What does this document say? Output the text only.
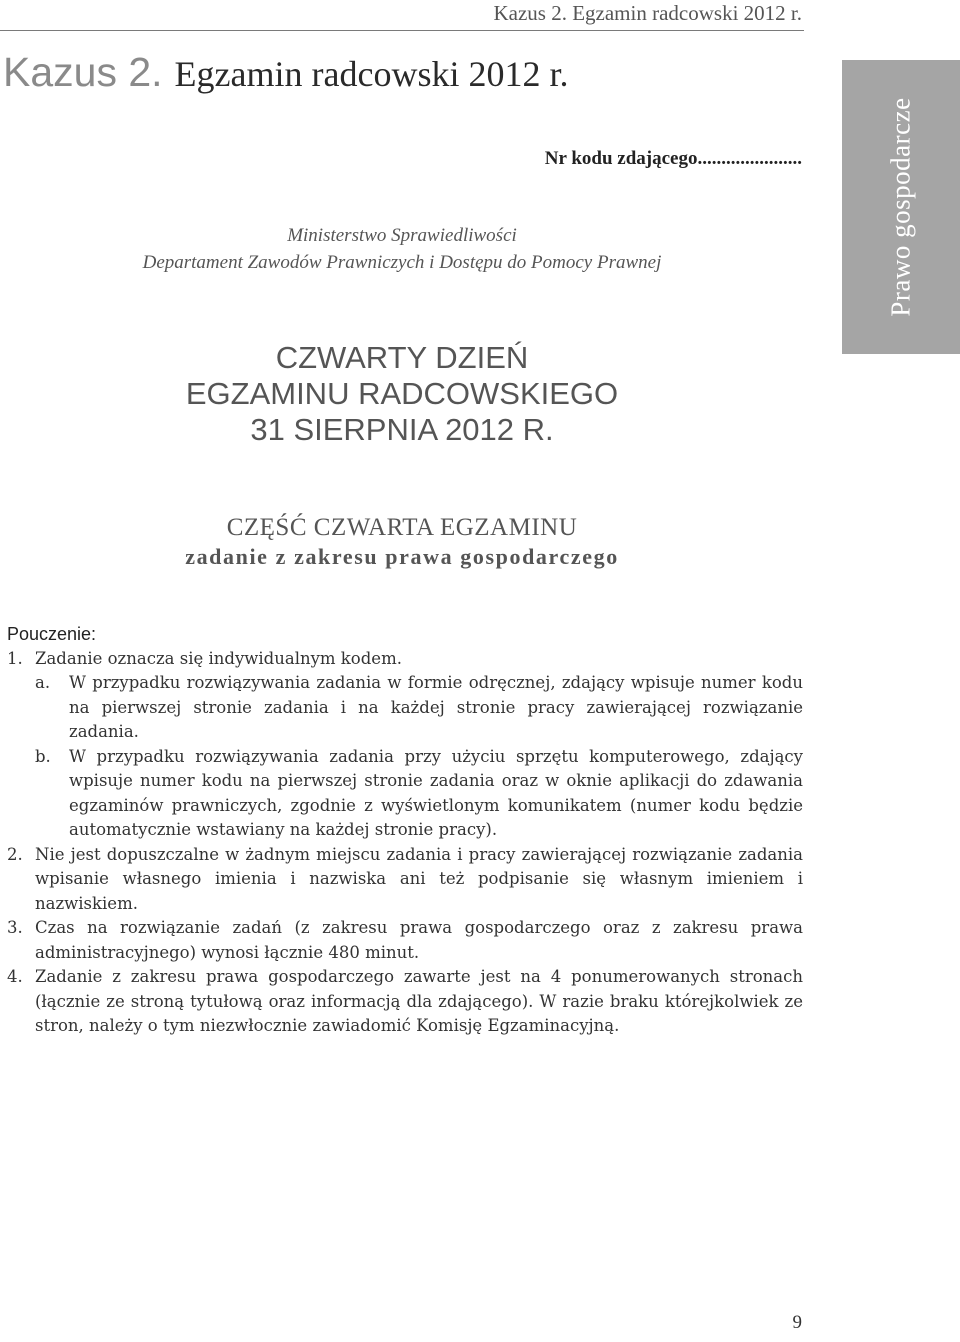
Kazus 2. Egzamin radcowski 2012 r.
Kazus 2. Egzamin radcowski 2012 r.
Nr kodu zdającego......................
Ministerstwo Sprawiedliwości
Departament Zawodów Prawniczych i Dostępu do Pomocy Prawnej
CZWARTY DZIEŃ
EGZAMINU RADCOWSKIEGO
31 SIERPNIA 2012 R.
CZĘŚĆ CZWARTA EGZAMINU
zadanie z zakresu prawa gospodarczego
Prawo gospodarcze
Pouczenie:
1. Zadanie oznacza się indywidualnym kodem.
a.	W przypadku rozwiązywania zadania w formie odręcznej, zdający wpisuje numer kodu na pierwszej stronie zadania i na każdej stronie pracy zawierającej rozwiązanie zadania.
b.	W przypadku rozwiązywania zadania przy użyciu sprzętu komputerowego, zdający wpisuje numer kodu na pierwszej stronie zadania oraz w oknie aplikacji do zdawania egzaminów prawniczych, zgodnie z wyświetlonym komunikatem (numer kodu będzie automatycznie wstawiany na każdej stronie pracy).
2. Nie jest dopuszczalne w żadnym miejscu zadania i pracy zawierającej rozwiązanie zadania wpisanie własnego imienia i nazwiska ani też podpisanie się własnym imieniem i nazwiskiem.
3. Czas na rozwiązanie zadań (z zakresu prawa gospodarczego oraz z zakresu prawa administracyjnego) wynosi łącznie 480 minut.
4. Zadanie z zakresu prawa gospodarczego zawarte jest na 4 ponumerowanych stronach (łącznie ze stroną tytułową oraz informacją dla zdającego). W razie braku którejkolwiek ze stron, należy o tym niezwłocznie zawiadomić Komisję Egzaminacyjną.
9
